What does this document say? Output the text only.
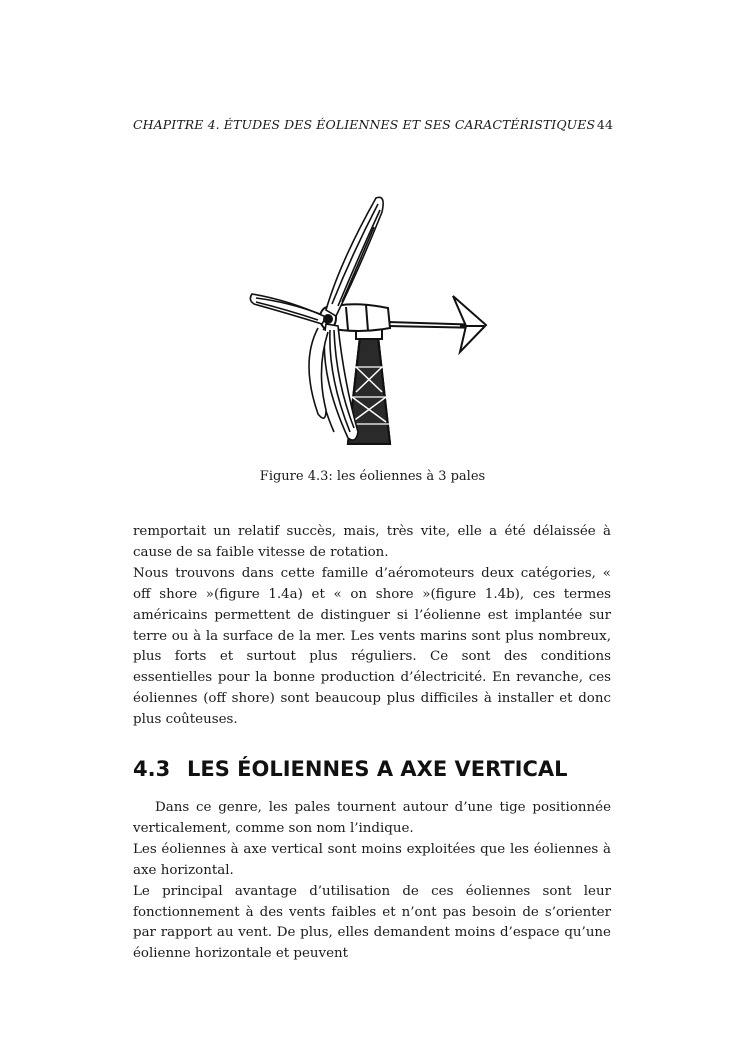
CHAPITRE 4. ÉTUDES DES ÉOLIENNES ET SES CARACTÉRISTIQUES 44
Figure 4.3: les éoliennes à 3 pales

remportait un relatif succès, mais, très vite, elle a été délaissée à cause de sa faible vitesse de rotation.

Nous trouvons dans cette famille d’aéromoteurs deux catégories, « off shore »(figure 1.4a) et « on shore »(figure 1.4b), ces termes américains permettent de distinguer si l’éolienne est implantée sur terre ou à la surface de la mer. Les vents marins sont plus nombreux, plus forts et surtout plus réguliers. Ce sont des conditions essentielles pour la bonne production d’électricité. En revanche, ces éoliennes (off shore) sont beaucoup plus difficiles à installer et donc plus coûteuses.

4.3 LES ÉOLIENNES A AXE VERTICAL

Dans ce genre, les pales tournent autour d’une tige positionnée verticalement, comme son nom l’indique.

Les éoliennes à axe vertical sont moins exploitées que les éoliennes à axe horizontal.

Le principal avantage d’utilisation de ces éoliennes sont leur fonctionnement à des vents faibles et n’ont pas besoin de s’orienter par rapport au vent. De plus, elles demandent moins d’espace qu’une éolienne horizontale et peuvent
